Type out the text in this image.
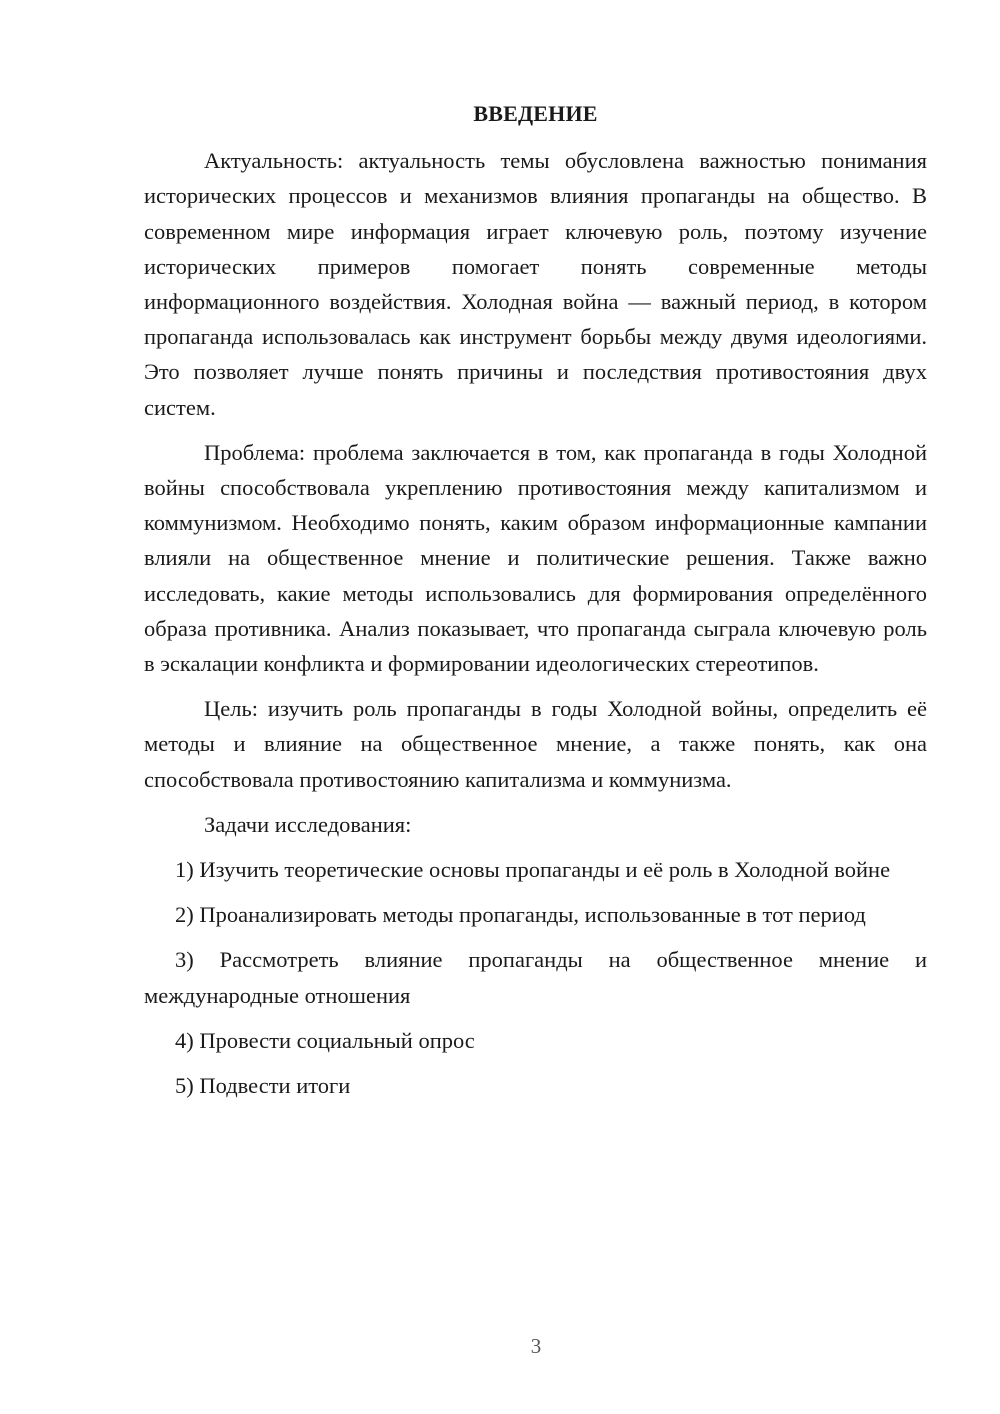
ВВЕДЕНИЕ

Актуальность: актуальность темы обусловлена важностью понимания исторических процессов и механизмов влияния пропаганды на общество. В современном мире информация играет ключевую роль, поэтому изучение исторических примеров помогает понять современные методы информационного воздействия. Холодная война — важный период, в котором пропаганда использовалась как инструмент борьбы между двумя идеологиями. Это позволяет лучше понять причины и последствия противостояния двух систем.

Проблема: проблема заключается в том, как пропаганда в годы Холодной войны способствовала укреплению противостояния между капитализмом и коммунизмом. Необходимо понять, каким образом информационные кампании влияли на общественное мнение и политические решения. Также важно исследовать, какие методы использовались для формирования определённого образа противника. Анализ показывает, что пропаганда сыграла ключевую роль в эскалации конфликта и формировании идеологических стереотипов.

Цель: изучить роль пропаганды в годы Холодной войны, определить её методы и влияние на общественное мнение, а также понять, как она способствовала противостоянию капитализма и коммунизма.

Задачи исследования:

1) Изучить теоретические основы пропаганды и её роль в Холодной войне

2) Проанализировать методы пропаганды, использованные в тот период

3) Рассмотреть влияние пропаганды на общественное мнение и международные отношения

4) Провести социальный опрос

5) Подвести итоги

3
